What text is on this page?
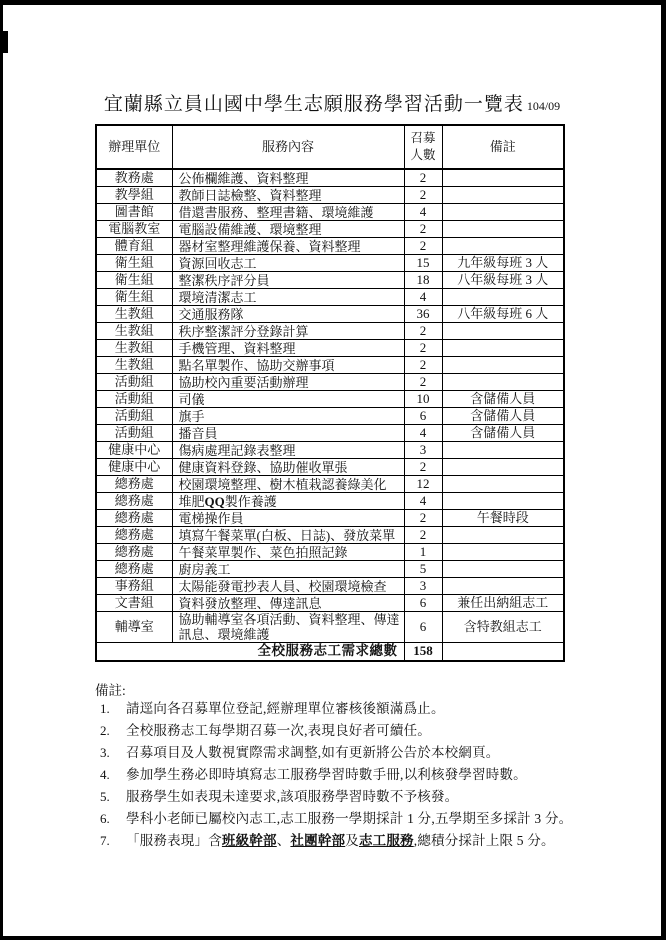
宜蘭縣立員山國中學生志願服務學習活動一覽表 104/09
辦理單位	服務內容	召募
人數	備註
教務處	公佈欄維護、資料整理	2	
教學組	教師日誌檢整、資料整理	2	
圖書館	借還書服務、整理書籍、環境維護	4	
電腦教室	電腦設備維護、環境整理	2	
體育組	器材室整理維護保養、資料整理	2	
衛生組	資源回收志工	15	九年級每班 3 人
衛生組	整潔秩序評分員	18	八年級每班 3 人
衛生組	環境清潔志工	4	
生教組	交通服務隊	36	八年級每班 6 人
生教組	秩序整潔評分登錄計算	2	
生教組	手機管理、資料整理	2	
生教組	點名單製作、協助交辦事項	2	
活動組	協助校內重要活動辦理	2	
活動組	司儀	10	含儲備人員
活動組	旗手	6	含儲備人員
活動組	播音員	4	含儲備人員
健康中心	傷病處理記錄表整理	3	
健康中心	健康資料登錄、協助催收單張	2	
總務處	校園環境整理、樹木植栽認養綠美化	12	
總務處	堆肥QQ製作養護	4	
總務處	電梯操作員	2	午餐時段
總務處	填寫午餐菜單(白板、日誌)、發放菜單	2	
總務處	午餐菜單製作、菜色拍照記錄	1	
總務處	廚房義工	5	
事務組	太陽能發電抄表人員、校園環境檢查	3	
文書組	資料發放整理、傳達訊息	6	兼任出納組志工
輔導室	協助輔導室各項活動、資料整理、傳達訊息、環境維護	6	含特教組志工
全校服務志工需求總數		158	
備註:
1.	請逕向各召募單位登記,經辦理單位審核後額滿爲止。
2.	全校服務志工每學期召募一次,表現良好者可續任。
3.	召募項目及人數視實際需求調整,如有更新將公告於本校網頁。
4.	參加學生務必即時填寫志工服務學習時數手冊,以利核發學習時數。
5.	服務學生如表現未達要求,該項服務學習時數不予核發。
6.	學科小老師已屬校內志工,志工服務一學期採計 1 分,五學期至多採計 3 分。
7.	「服務表現」含班級幹部、社團幹部及志工服務,總積分採計上限 5 分。
